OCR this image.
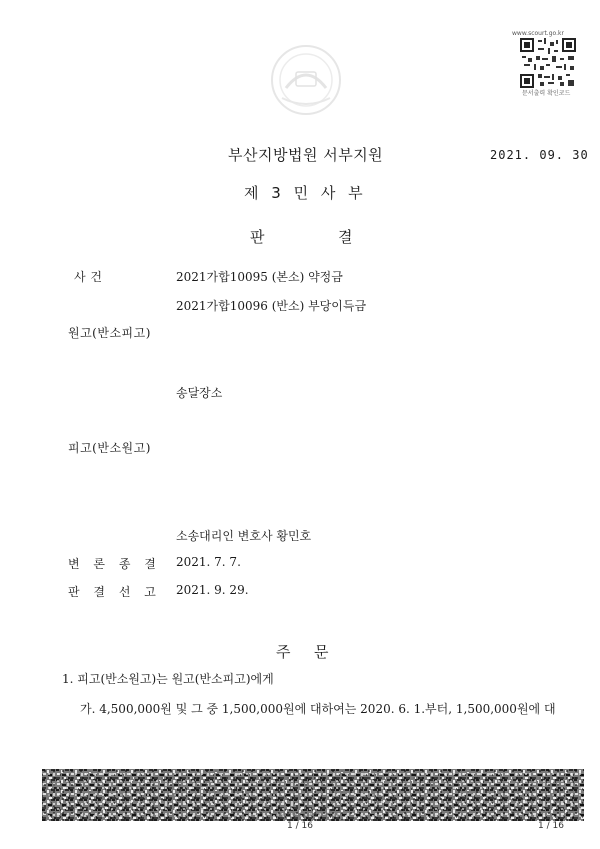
www.scourt.go.kr
문서출력 확인코드
부산지방법원 서부지원	2021. 09. 30
제 3 민 사 부
판	결
사 건	2021가합10095 (본소) 약정금
2021가합10096 (반소) 부당이득금
원고(반소피고)
송달장소
피고(반소원고)
소송대리인 변호사 황민호
변 론 종 결 2021. 7. 7.
판 결 선 고 2021. 9. 29.
주 문
1. 피고(반소원고)는 원고(반소피고)에게
가. 4,500,000원 및 그 중 1,500,000원에 대하여는 2020. 6. 1.부터, 1,500,000원에 대
위변조 방지용 바코드 입니다.
1 / 16	1 / 16
